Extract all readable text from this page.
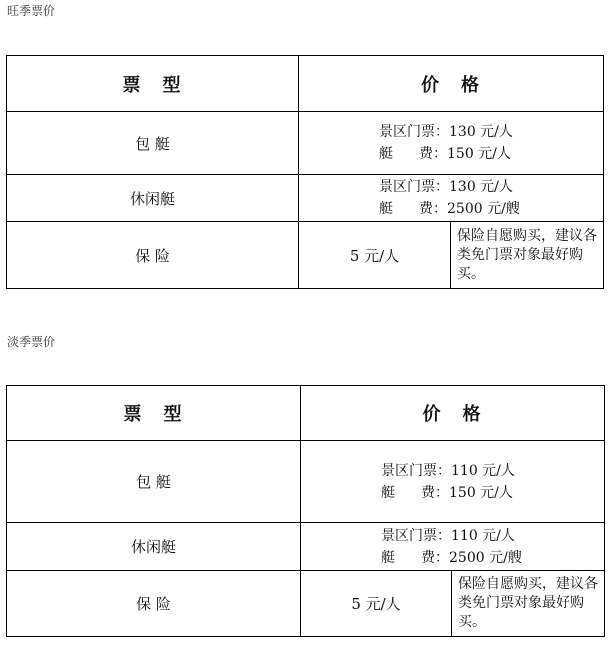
旺季票价
票 型	价 格	
包 艇	景区门票：130 元/人
艇 费：150 元/人	

休闲艇	景区门票：130 元/人
艇 费：2500 元/艘	

保 险	5 元/人	保险自愿购买，建议各类免门票对象最好购买。
淡季票价
票 型	价 格	
包 艇	景区门票：110 元/人
艇 费：150 元/人	

休闲艇	景区门票：110 元/人
艇 费：2500 元/艘	

保 险	5 元/人	保险自愿购买，建议各类免门票对象最好购买。
